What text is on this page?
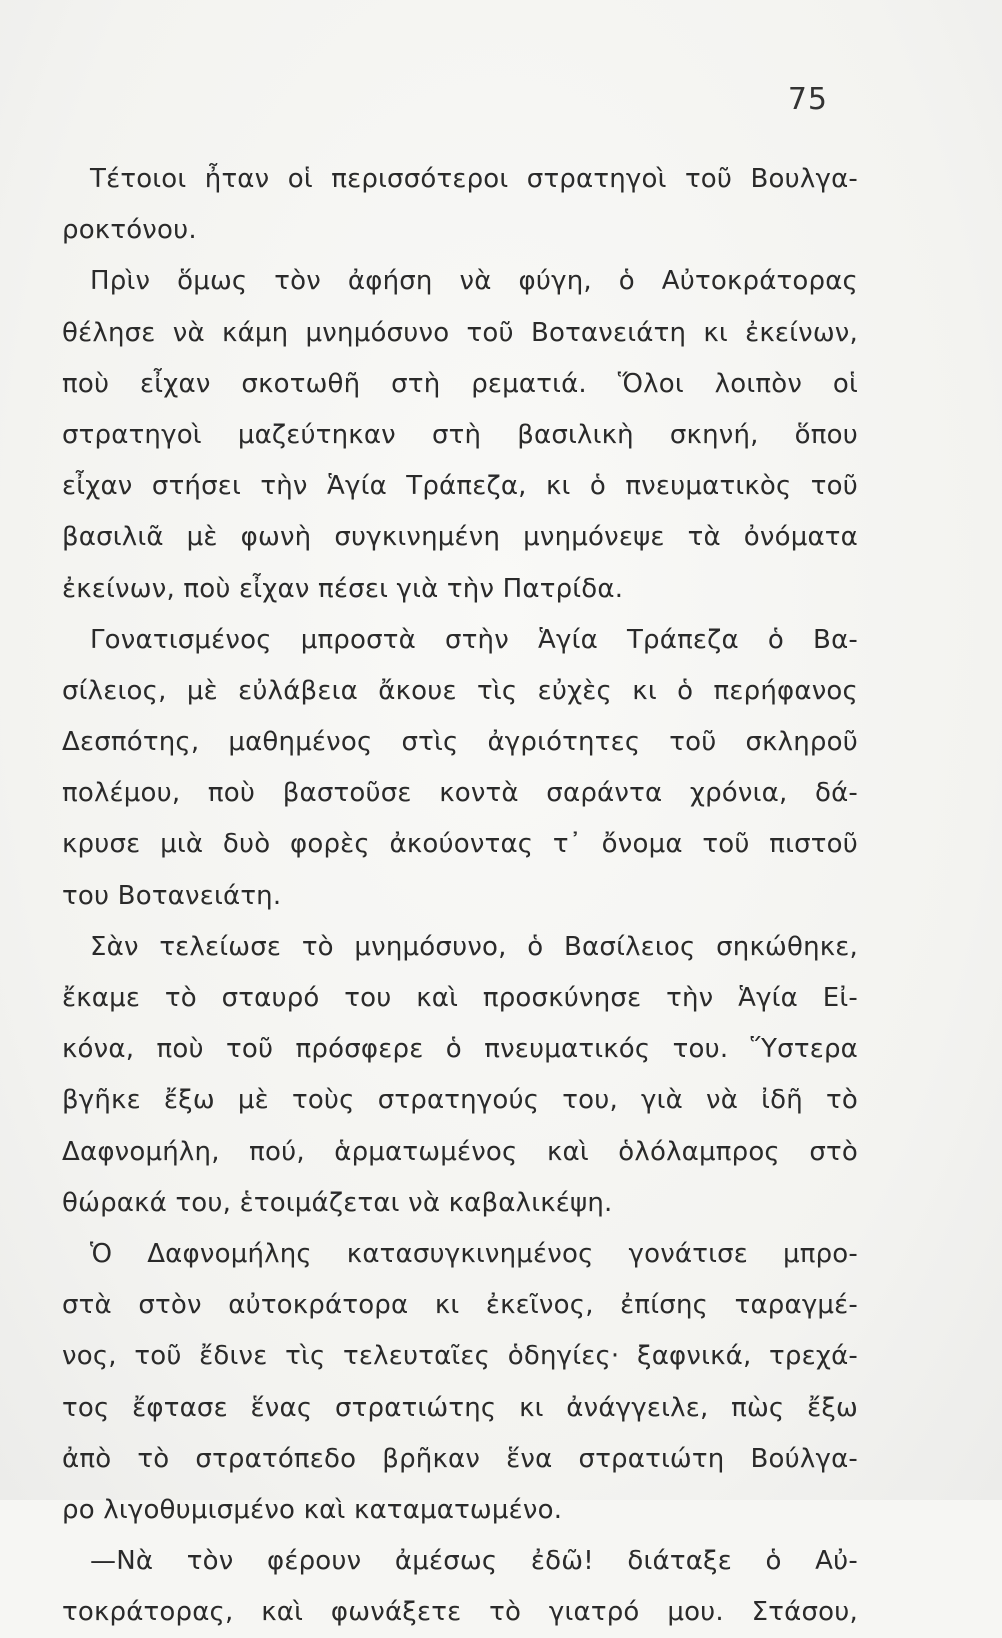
75
Τέτοιοι ἦταν οἱ περισσότεροι στρατηγοὶ τοῦ Βουλγα-
ροκτόνου.
Πρὶν ὅμως τὸν ἀφήση νὰ φύγη, ὁ Αὐτοκράτορας
θέλησε νὰ κάμη μνημόσυνο τοῦ Βοτανειάτη κι ἐκείνων,
ποὺ εἶχαν σκοτωθῆ στὴ ρεματιά. Ὅλοι λοιπὸν οἱ
στρατηγοὶ μαζεύτηκαν στὴ βασιλικὴ σκηνή, ὅπου
εἶχαν στήσει τὴν Ἁγία Τράπεζα, κι ὁ πνευματικὸς τοῦ
βασιλιᾶ μὲ φωνὴ συγκινημένη μνημόνεψε τὰ ὀνόματα
ἐκείνων, ποὺ εἶχαν πέσει γιὰ τὴν Πατρίδα.
Γονατισμένος μπροστὰ στὴν Ἁγία Τράπεζα ὁ Βα-
σίλειος, μὲ εὐλάβεια ἄκουε τὶς εὐχὲς κι ὁ περήφανος
Δεσπότης, μαθημένος στὶς ἀγριότητες τοῦ σκληροῦ
πολέμου, ποὺ βαστοῦσε κοντὰ σαράντα χρόνια, δά-
κρυσε μιὰ δυὸ φορὲς ἀκούοντας τ᾿ ὄνομα τοῦ πιστοῦ
του Βοτανειάτη.
Σὰν τελείωσε τὸ μνημόσυνο, ὁ Βασίλειος σηκώθηκε,
ἔκαμε τὸ σταυρό του καὶ προσκύνησε τὴν Ἁγία Εἰ-
κόνα, ποὺ τοῦ πρόσφερε ὁ πνευματικός του. Ὕστερα
βγῆκε ἔξω μὲ τοὺς στρατηγούς του, γιὰ νὰ ἰδῆ τὸ
Δαφνομήλη, πού, ἁρματωμένος καὶ ὁλόλαμπρος στὸ
θώρακά του, ἑτοιμάζεται νὰ καβαλικέψη.
Ὁ Δαφνομήλης κατασυγκινημένος γονάτισε μπρο-
στὰ στὸν αὐτοκράτορα κι ἐκεῖνος, ἐπίσης ταραγμέ-
νος, τοῦ ἔδινε τὶς τελευταῖες ὁδηγίες· ξαφνικά, τρεχά-
τος ἔφτασε ἕνας στρατιώτης κι ἀνάγγειλε, πὼς ἔξω
ἀπὸ τὸ στρατόπεδο βρῆκαν ἕνα στρατιώτη Βούλγα-
ρο λιγοθυμισμένο καὶ καταματωμένο.
—Νὰ τὸν φέρουν ἀμέσως ἐδῶ! διάταξε ὁ Αὐ-
τοκράτορας, καὶ φωνάξετε τὸ γιατρό μου. Στάσου,
